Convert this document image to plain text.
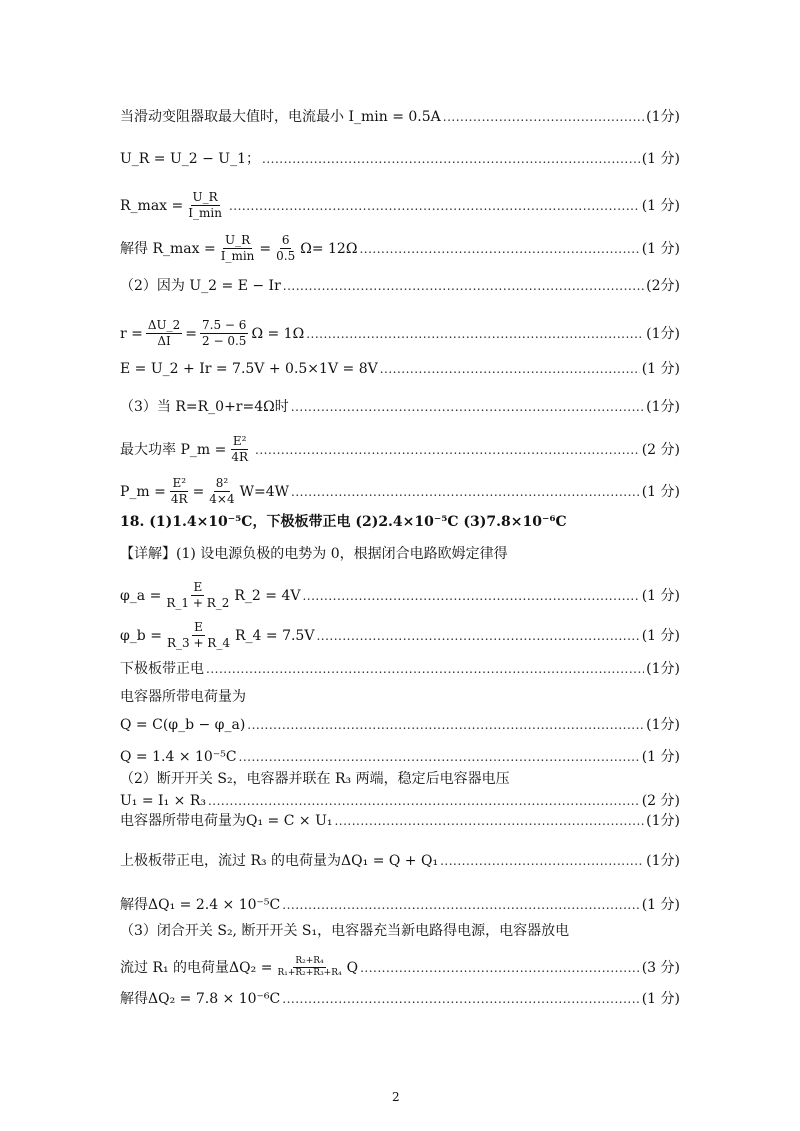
当滑动变阻器取最大值时，电流最小 I_min = 0.5A .....	(1分)
U_R = U_2 − U_1； .....	(1 分)
R_max = $\frac{U\_R}{I\_\min}$ .....	(1 分)
解得 R_max = $\frac{U\_R}{I\_\min} = \frac{6}{0.5} \Omega= 12\Omega$ .....	(1 分)
（2）因为 U_2 = E − Ir .....	(2分)
$r = \frac{\Delta U\_2}{\Delta I} = \frac{7.5 - 6}{2 - 0.5}$ Ω = 1Ω .....	(1分)
E = U_2 + Ir = 7.5V + 0.5×1V = 8V .....	(1 分)
（3）当 R=R_0+r=4Ω时 .....	(1分)
最大功率 P_m = $\frac{\text{E²}}{4R}$ .....	(2 分)
P_m = $\frac{\text{E²}}{4R} = \frac{\text{8²}}{4\times 4} W=4W$ .....	(1 分)
18. (1)1.4×10⁻⁵C，下极板带正电 (2)2.4×10⁻⁵C (3)7.8×10⁻⁶C
【详解】(1) 设电源负极的电势为 0，根据闭合电路欧姆定律得
φ_a = $\frac{E}{R\_1 + R\_2}$ R_2 = 4V .....	(1 分)
φ_b = $\frac{E}{R\_3 + R\_4}$ R_4 = 7.5V .....	(1 分)
下极板带正电 .....	(1分)
电容器所带电荷量为
Q = C(φ_b − φ_a) .....	(1分)
Q = 1.4 × 10⁻⁵C .....	(1 分)
（2）断开开关 S₂，电容器并联在 R₃ 两端，稳定后电容器电压
U₁ = I₁ × R₃ .....	(2 分)
电容器所带电荷量为Q₁ = C × U₁ .....	(1分)
上极板带正电，流过 R₃ 的电荷量为ΔQ₁ = Q + Q₁ .....	(1分)
解得ΔQ₁ = 2.4 × 10⁻⁵C .....	(1 分)
（3）闭合开关 S₂, 断开开关 S₁，电容器充当新电路得电源，电容器放电
流过 R₁ 的电荷量$\Delta Q_2 = \frac{\text{R₂+R₄}}{\text{R₁+R₂+R₃+R₄}}$ Q .....	(3 分)
解得ΔQ₂ = 7.8 × 10⁻⁶C .....	(1 分)
2
